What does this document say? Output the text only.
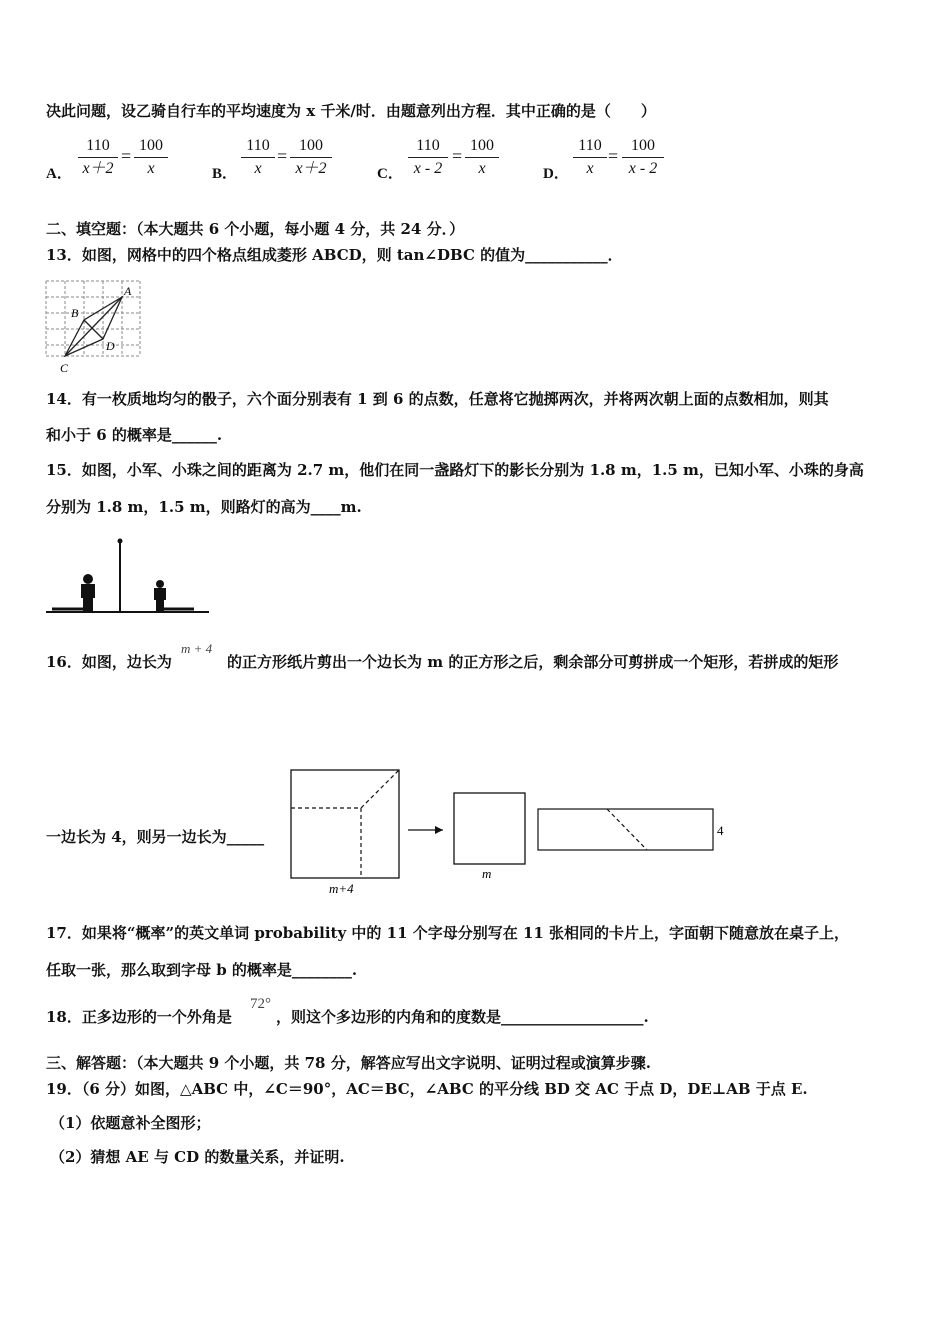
决此问题，设乙骑自行车的平均速度为 x 千米/时．由题意列出方程．其中正确的是（　　）
A． $\frac{110}{x+2} = \frac{100}{x}$	B． $\frac{110}{x} = \frac{100}{x+2}$	C． $\frac{110}{x - 2} = \frac{100}{x}$	D． $\frac{110}{x} = \frac{100}{x - 2}$
二、填空题：（本大题共 6 个小题，每小题 4 分，共 24 分．）
13．如图，网格中的四个格点组成菱形 ABCD，则 tan∠DBC 的值为___________．
A
B
C
D
14．有一枚质地均匀的骰子，六个面分别表有 1 到 6 的点数，任意将它抛掷两次，并将两次朝上面的点数相加，则其
和小于 6 的概率是______.
15．如图，小军、小珠之间的距离为 2.7 m，他们在同一盏路灯下的影长分别为 1.8 m，1.5 m，已知小军、小珠的身高
分别为 1.8 m，1.5 m，则路灯的高为____m.
16．如图，边长为
m + 4
的正方形纸片剪出一个边长为 m 的正方形之后，剩余部分可剪拼成一个矩形，若拼成的矩形
一边长为 4，则另一边长为_____
m+4
m
4
17．如果将“概率”的英文单词 probability 中的 11 个字母分别写在 11 张相同的卡片上，字面朝下随意放在桌子上，
任取一张，那么取到字母 b 的概率是________.
18．正多边形的一个外角是
72°
，则这个多边形的内角和的度数是___________________.
三、解答题：（本大题共 9 个小题，共 78 分，解答应写出文字说明、证明过程或演算步骤.
19．（6 分）如图，△ABC 中，∠C＝90°，AC＝BC，∠ABC 的平分线 BD 交 AC 于点 D，DE⊥AB 于点 E.
（1）依题意补全图形；
（2）猜想 AE 与 CD 的数量关系，并证明.
